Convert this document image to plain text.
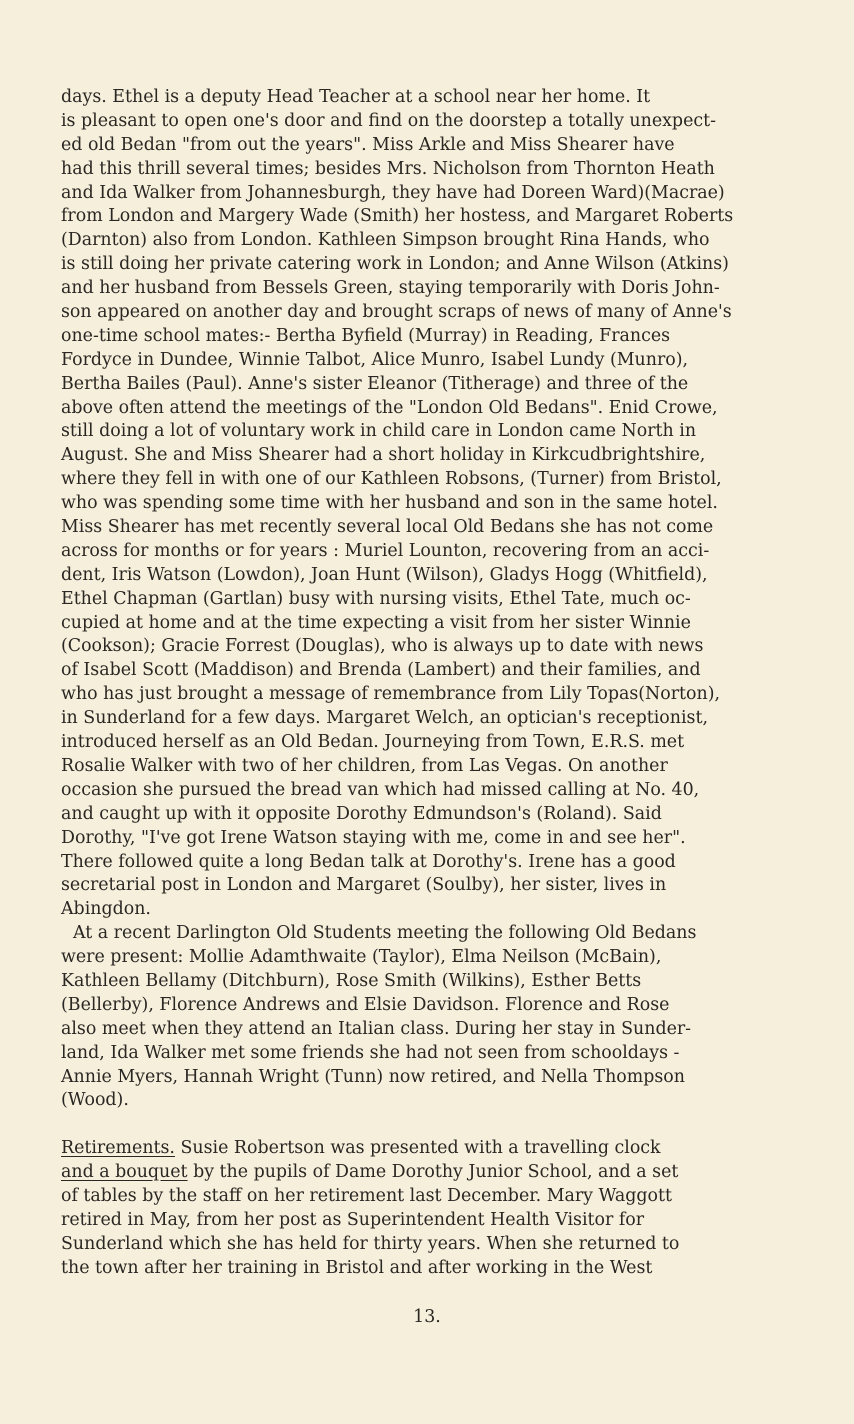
days. Ethel is a deputy Head Teacher at a school near her home. It
is pleasant to open one's door and find on the doorstep a totally unexpect-
ed old Bedan "from out the years". Miss Arkle and Miss Shearer have
had this thrill several times; besides Mrs. Nicholson from Thornton Heath
and Ida Walker from Johannesburgh, they have had Doreen Ward)(Macrae)
from London and Margery Wade (Smith) her hostess, and Margaret Roberts
(Darnton) also from London. Kathleen Simpson brought Rina Hands, who
is still doing her private catering work in London; and Anne Wilson (Atkins)
and her husband from Bessels Green, staying temporarily with Doris John-
son appeared on another day and brought scraps of news of many of Anne's
one-time school mates:- Bertha Byfield (Murray) in Reading, Frances
Fordyce in Dundee, Winnie Talbot, Alice Munro, Isabel Lundy (Munro),
Bertha Bailes (Paul). Anne's sister Eleanor (Titherage) and three of the
above often attend the meetings of the "London Old Bedans". Enid Crowe,
still doing a lot of voluntary work in child care in London came North in
August. She and Miss Shearer had a short holiday in Kirkcudbrightshire,
where they fell in with one of our Kathleen Robsons, (Turner) from Bristol,
who was spending some time with her husband and son in the same hotel.
Miss Shearer has met recently several local Old Bedans she has not come
across for months or for years : Muriel Lounton, recovering from an acci-
dent, Iris Watson (Lowdon), Joan Hunt (Wilson), Gladys Hogg (Whitfield),
Ethel Chapman (Gartlan) busy with nursing visits, Ethel Tate, much oc-
cupied at home and at the time expecting a visit from her sister Winnie
(Cookson); Gracie Forrest (Douglas), who is always up to date with news
of Isabel Scott (Maddison) and Brenda (Lambert) and their families, and
who has just brought a message of remembrance from Lily Topas(Norton),
in Sunderland for a few days. Margaret Welch, an optician's receptionist,
introduced herself as an Old Bedan. Journeying from Town, E.R.S. met
Rosalie Walker with two of her children, from Las Vegas. On another
occasion she pursued the bread van which had missed calling at No. 40,
and caught up with it opposite Dorothy Edmundson's (Roland). Said
Dorothy, "I've got Irene Watson staying with me, come in and see her".
There followed quite a long Bedan talk at Dorothy's. Irene has a good
secretarial post in London and Margaret (Soulby), her sister, lives in
Abingdon.

At a recent Darlington Old Students meeting the following Old Bedans
were present: Mollie Adamthwaite (Taylor), Elma Neilson (McBain),
Kathleen Bellamy (Ditchburn), Rose Smith (Wilkins), Esther Betts
(Bellerby), Florence Andrews and Elsie Davidson. Florence and Rose
also meet when they attend an Italian class. During her stay in Sunder-
land, Ida Walker met some friends she had not seen from schooldays -
Annie Myers, Hannah Wright (Tunn) now retired, and Nella Thompson
(Wood).

Retirements. Susie Robertson was presented with a travelling clock
and a bouquet by the pupils of Dame Dorothy Junior School, and a set
of tables by the staff on her retirement last December. Mary Waggott
retired in May, from her post as Superintendent Health Visitor for
Sunderland which she has held for thirty years. When she returned to
the town after her training in Bristol and after working in the West

13.
